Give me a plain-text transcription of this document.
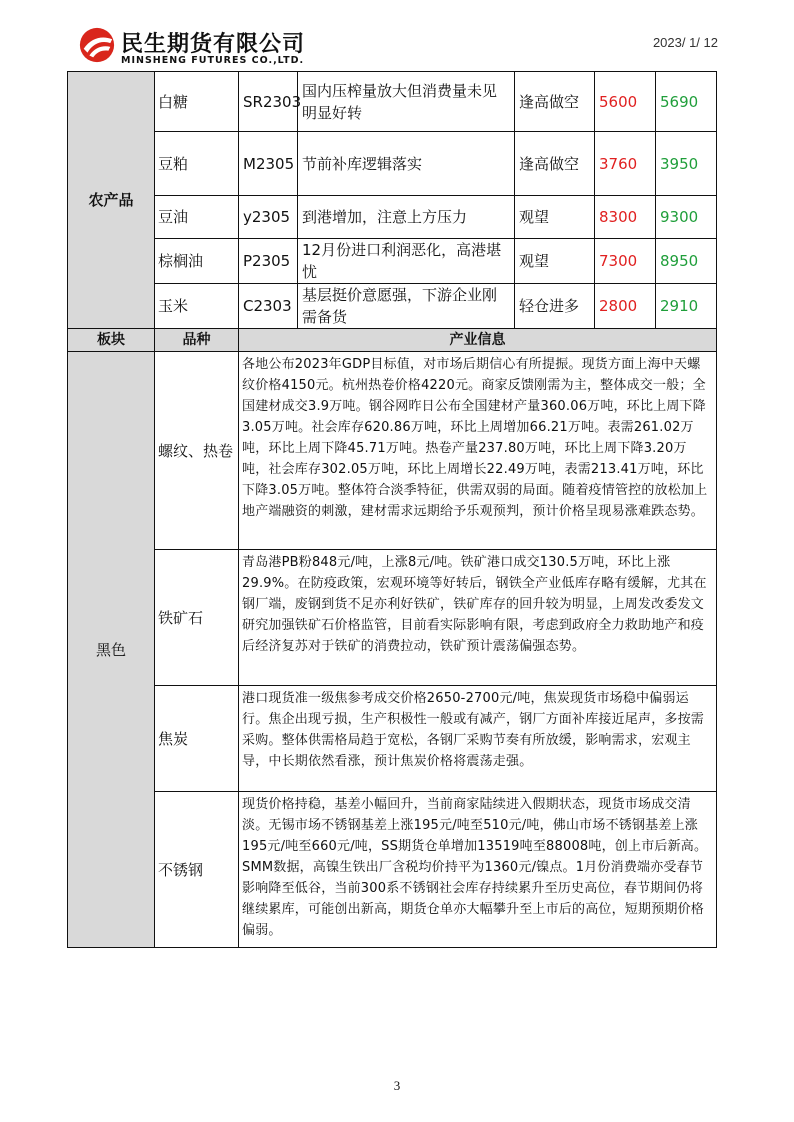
民生期货有限公司
MINSHENG FUTURES CO.,LTD.
2023/ 1/ 12
农产品	白糖	SR2303	国内压榨量放大但消费量未见明显好转	逢高做空	5600	5690
	豆粕	M2305	节前补库逻辑落实	逢高做空	3760	3950
	豆油	y2305	到港增加，注意上方压力	观望	8300	9300
	棕榈油	P2305	12月份进口利润恶化，高港堪忧	观望	7300	8950
	玉米	C2303	基层挺价意愿强，下游企业刚需备货	轻仓进多	2800	2910
板块	品种	产业信息				
黑色	螺纹、热卷	各地公布2023年GDP目标值，对市场后期信心有所提振。现货方面上海中天螺纹价格4150元。杭州热卷价格4220元。商家反馈刚需为主，整体成交一般；全国建材成交3.9万吨。钢谷网昨日公布全国建材产量360.06万吨，环比上周下降3.05万吨。社会库存620.86万吨，环比上周增加66.21万吨。表需261.02万吨，环比上周下降45.71万吨。热卷产量237.80万吨，环比上周下降3.20万吨，社会库存302.05万吨，环比上周增长22.49万吨，表需213.41万吨，环比下降3.05万吨。整体符合淡季特征，供需双弱的局面。随着疫情管控的放松加上地产端融资的刺激，建材需求远期给予乐观预判，预计价格呈现易涨难跌态势。				
	铁矿石	青岛港PB粉848元/吨，上涨8元/吨。铁矿港口成交130.5万吨，环比上涨29.9%。在防疫政策，宏观环境等好转后，钢铁全产业低库存略有缓解，尤其在钢厂端，废钢到货不足亦利好铁矿，铁矿库存的回升较为明显，上周发改委发文研究加强铁矿石价格监管，目前看实际影响有限，考虑到政府全力救助地产和疫后经济复苏对于铁矿的消费拉动，铁矿预计震荡偏强态势。				
	焦炭	港口现货准一级焦参考成交价格2650-2700元/吨，焦炭现货市场稳中偏弱运行。焦企出现亏损，生产积极性一般或有减产，钢厂方面补库接近尾声，多按需采购。整体供需格局趋于宽松，各钢厂采购节奏有所放缓，影响需求，宏观主导，中长期依然看涨，预计焦炭价格将震荡走强。				
	不锈钢	现货价格持稳，基差小幅回升，当前商家陆续进入假期状态，现货市场成交清淡。无锡市场不锈钢基差上涨195元/吨至510元/吨，佛山市场不锈钢基差上涨195元/吨至660元/吨，SS期货仓单增加13519吨至88008吨，创上市后新高。SMM数据，高镍生铁出厂含税均价持平为1360元/镍点。1月份消费端亦受春节影响降至低谷，当前300系不锈钢社会库存持续累升至历史高位，春节期间仍将继续累库，可能创出新高，期货仓单亦大幅攀升至上市后的高位，短期预期价格偏弱。				
3
